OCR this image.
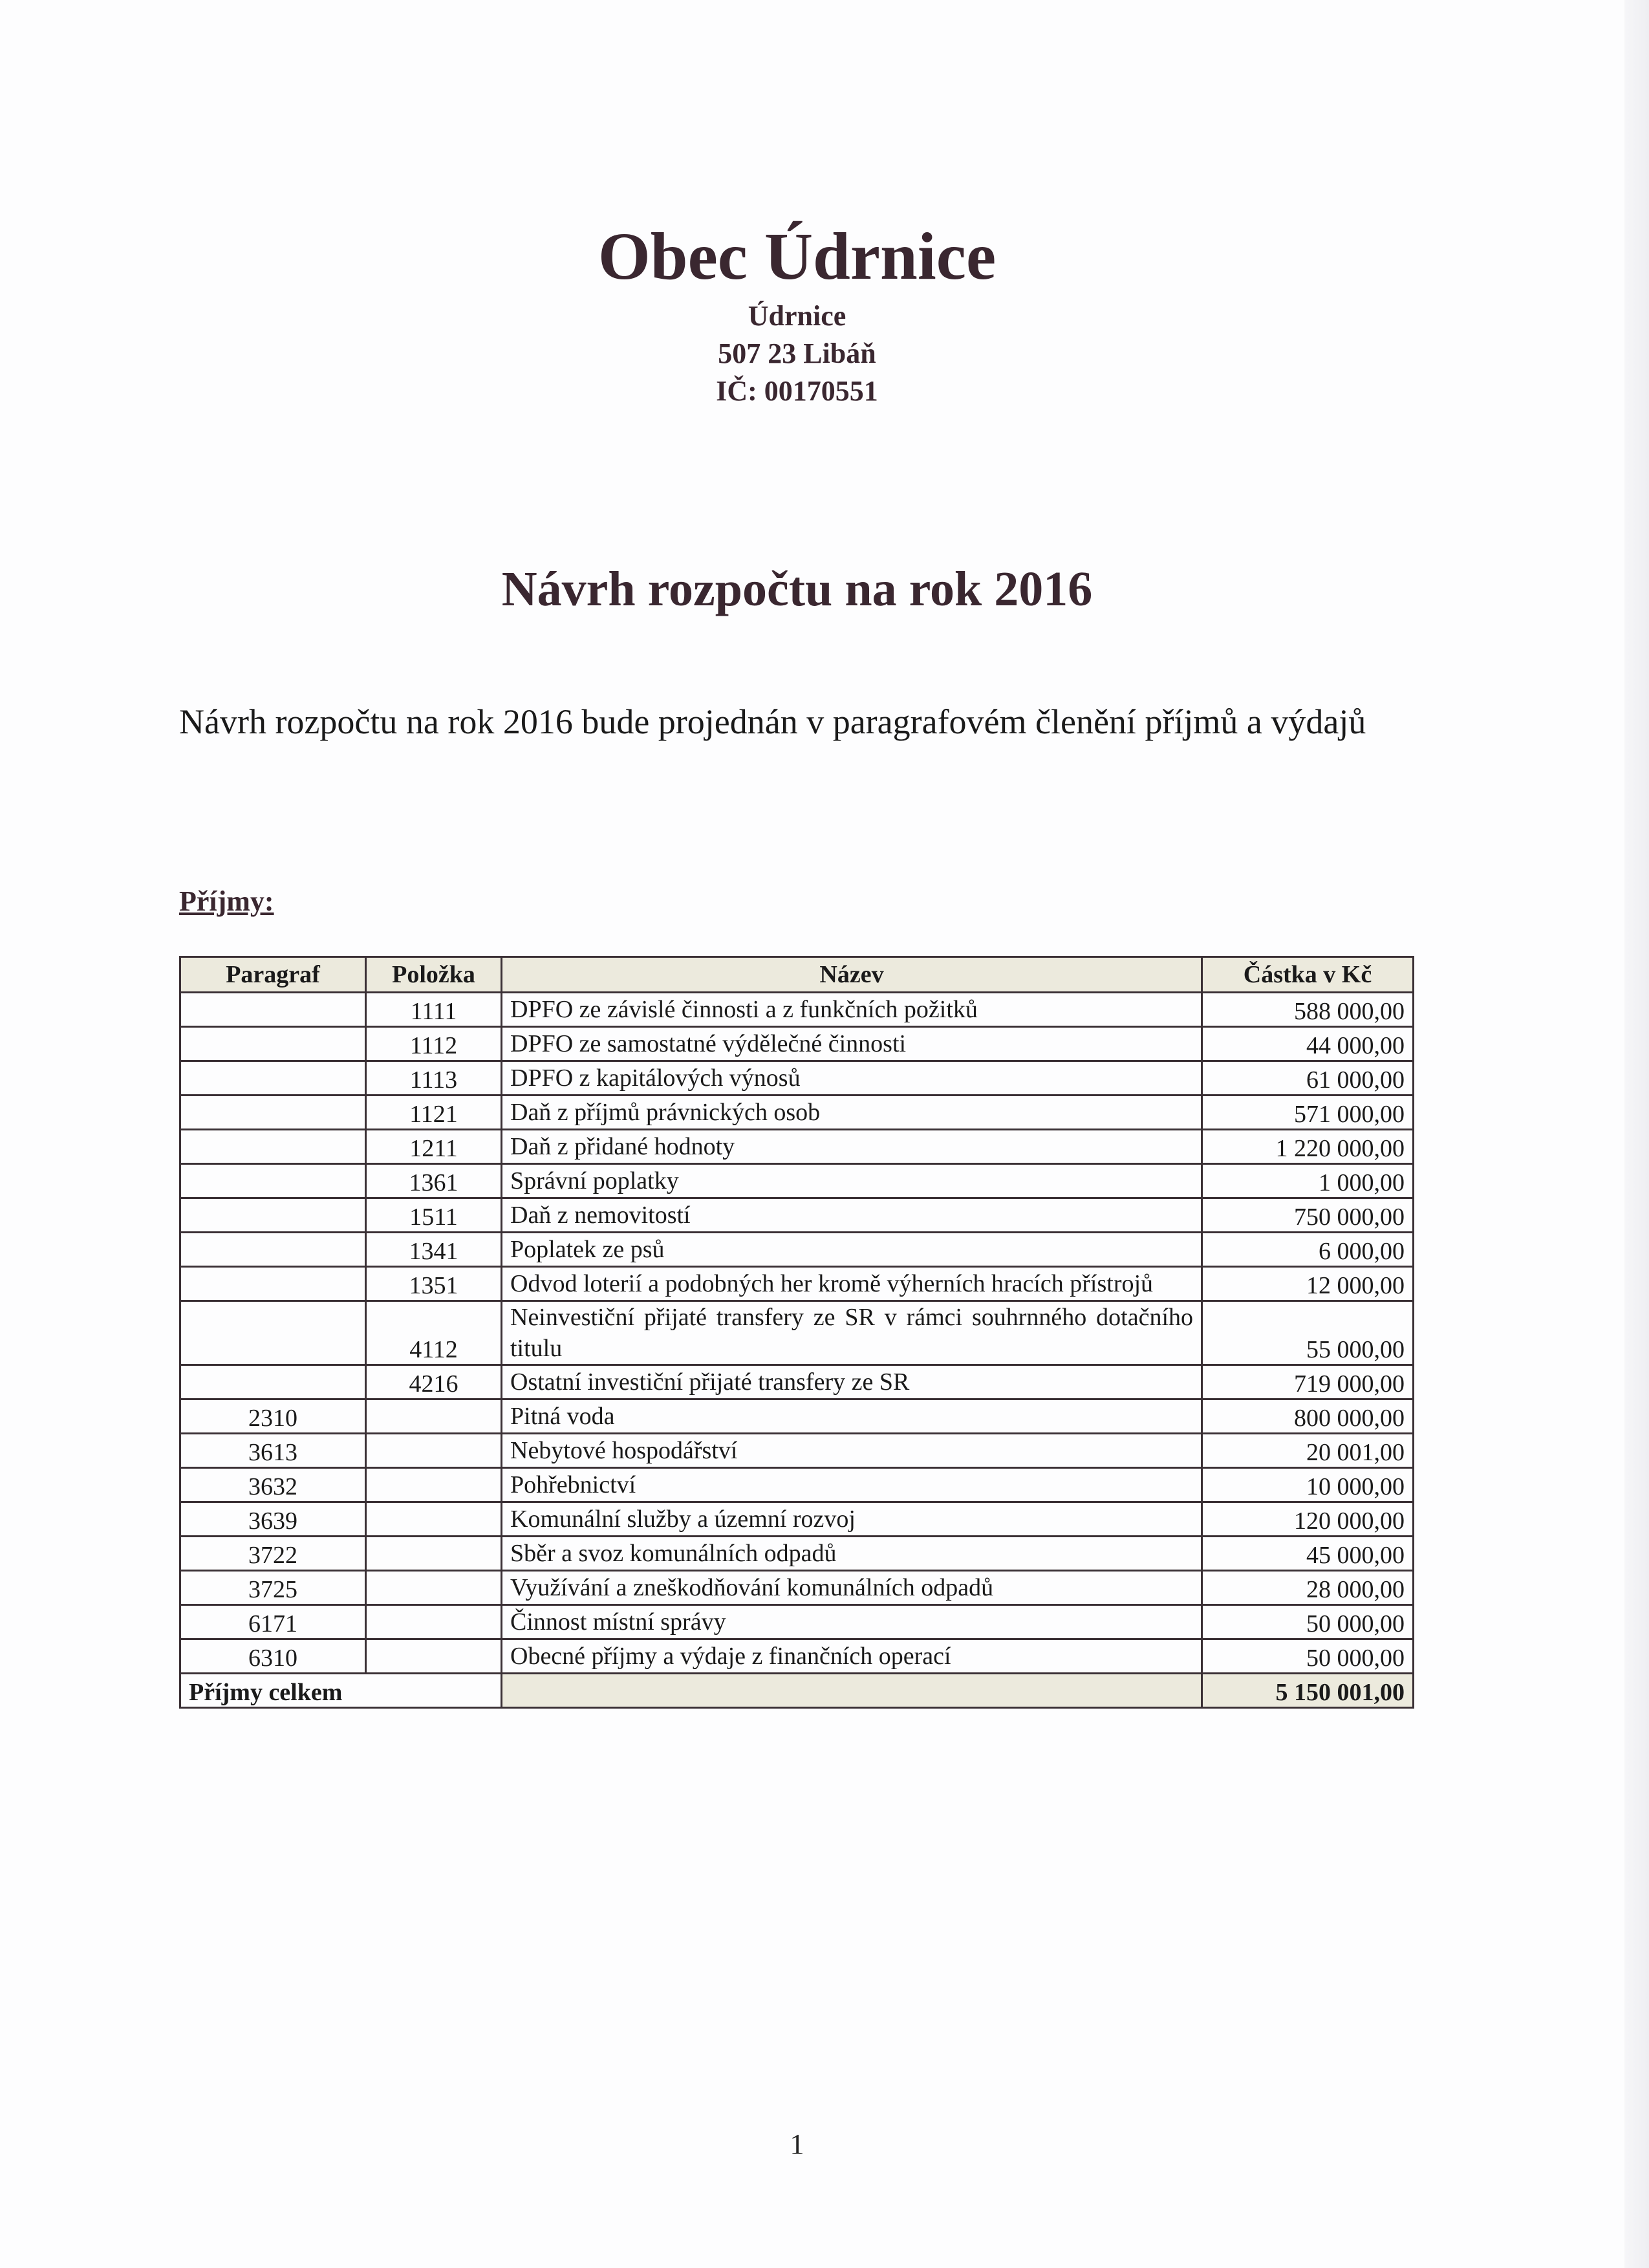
Obec Údrnice
Údrnice
507 23 Libáň
IČ: 00170551
Návrh rozpočtu na rok 2016
Návrh rozpočtu na rok 2016 bude projednán v paragrafovém členění příjmů a výdajů
Příjmy:
Paragraf	Položka	Název	Částka v Kč
	1111	DPFO ze závislé činnosti a z funkčních požitků	588 000,00
	1112	DPFO ze samostatné výdělečné činnosti	44 000,00
	1113	DPFO z kapitálových výnosů	61 000,00
	1121	Daň z příjmů právnických osob	571 000,00
	1211	Daň z přidané hodnoty	1 220 000,00
	1361	Správní poplatky	1 000,00
	1511	Daň z nemovitostí	750 000,00
	1341	Poplatek ze psů	6 000,00
	1351	Odvod loterií a podobných her kromě výherních hracích přístrojů	12 000,00
	4112	Neinvestiční přijaté transfery ze SR v rámci souhrnného dotačního titulu	55 000,00
	4216	Ostatní investiční přijaté transfery ze SR	719 000,00
2310		Pitná voda	800 000,00
3613		Nebytové hospodářství	20 001,00
3632		Pohřebnictví	10 000,00
3639		Komunální služby a územní rozvoj	120 000,00
3722		Sběr a svoz komunálních odpadů	45 000,00
3725		Využívání a zneškodňování komunálních odpadů	28 000,00
6171		Činnost místní správy	50 000,00
6310		Obecné příjmy a výdaje z finančních operací	50 000,00
Příjmy celkem			5 150 001,00
1
